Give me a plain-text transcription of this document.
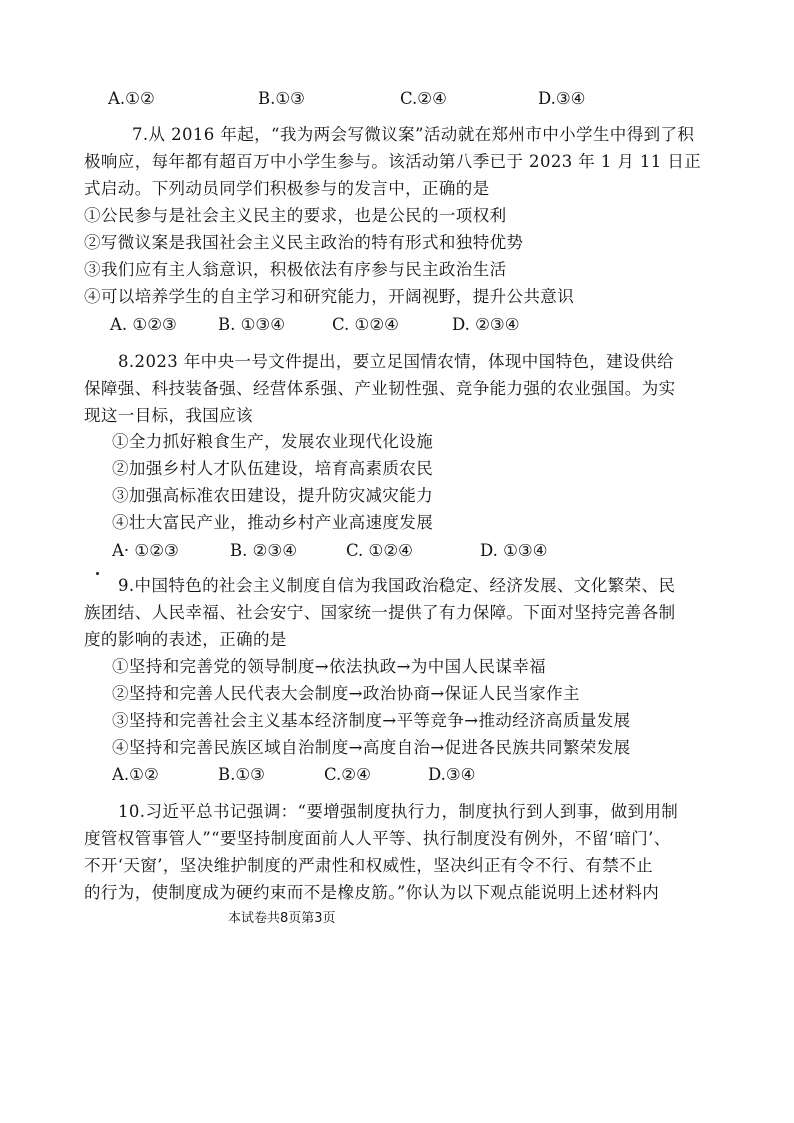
A.①②	B.①③	C.②④	D.③④
7.从 2016 年起，“我为两会写微议案”活动就在郑州市中小学生中得到了积
极响应，每年都有超百万中小学生参与。该活动第八季已于 2023 年 1 月 11 日正
式启动。下列动员同学们积极参与的发言中，正确的是
①公民参与是社会主义民主的要求，也是公民的一项权利
②写微议案是我国社会主义民主政治的特有形式和独特优势
③我们应有主人翁意识，积极依法有序参与民主政治生活
④可以培养学生的自主学习和研究能力，开阔视野，提升公共意识
A. ①②③ B. ①③④	C. ①②④	D. ②③④
8.2023 年中央一号文件提出，要立足国情农情，体现中国特色，建设供给
保障强、科技装备强、经营体系强、产业韧性强、竞争能力强的农业强国。为实
现这一目标，我国应该
①全力抓好粮食生产，发展农业现代化设施
②加强乡村人才队伍建设，培育高素质农民
③加强高标准农田建设，提升防灾减灾能力
④壮大富民产业，推动乡村产业高速度发展
A· ①②③	B. ②③④	C. ①②④	D. ①③④
9.中国特色的社会主义制度自信为我国政治稳定、经济发展、文化繁荣、民
族团结、人民幸福、社会安宁、国家统一提供了有力保障。下面对坚持完善各制
度的影响的表述，正确的是
①坚持和完善党的领导制度→依法执政→为中国人民谋幸福
②坚持和完善人民代表大会制度→政治协商→保证人民当家作主
③坚持和完善社会主义基本经济制度→平等竞争→推动经济高质量发展
④坚持和完善民族区域自治制度→高度自治→促进各民族共同繁荣发展
A.①②	B.①③	C.②④	D.③④
10.习近平总书记强调：“要增强制度执行力，制度执行到人到事，做到用制
度管权管事管人”“要坚持制度面前人人平等、执行制度没有例外，不留‘暗门’、
不开‘天窗’，坚决维护制度的严肃性和权威性，坚决纠正有令不行、有禁不止
的行为，使制度成为硬约束而不是橡皮筋。”你认为以下观点能说明上述材料内
本试卷共8页第3页
